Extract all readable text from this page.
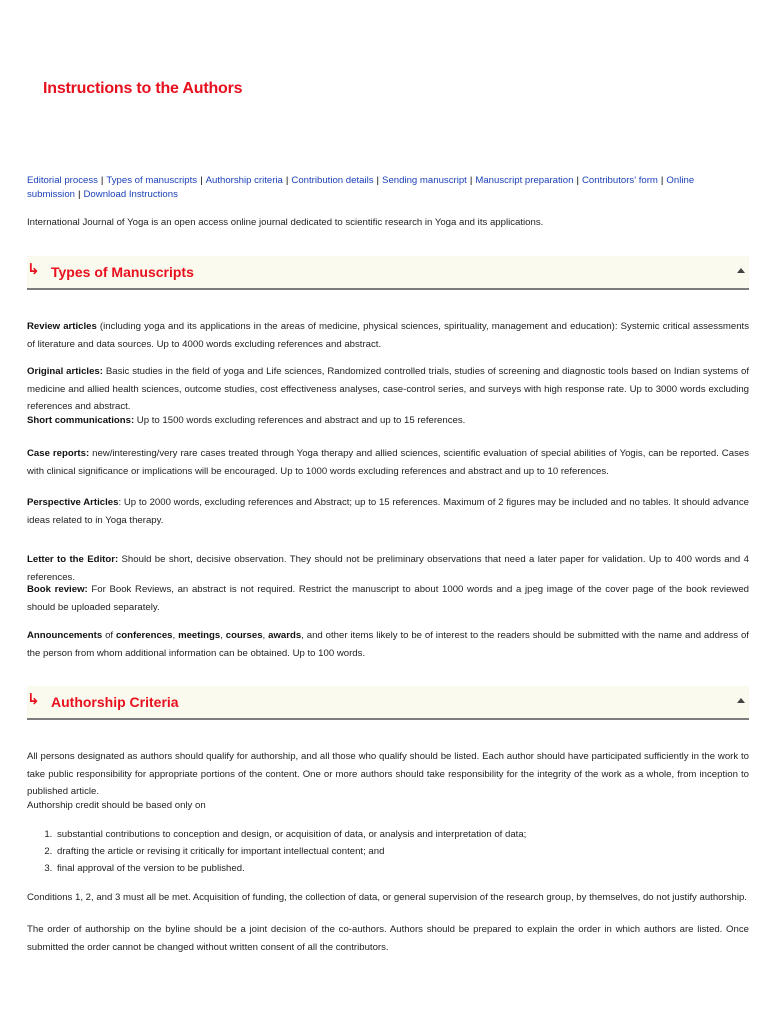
Instructions to the Authors
Editorial process | Types of manuscripts | Authorship criteria | Contribution details | Sending manuscript | Manuscript preparation | Contributors' form | Online submission | Download Instructions
International Journal of Yoga is an open access online journal dedicated to scientific research in Yoga and its applications.
↳ Types of Manuscripts
Review articles (including yoga and its applications in the areas of medicine, physical sciences, spirituality, management and education): Systemic critical assessments of literature and data sources. Up to 4000 words excluding references and abstract.
Original articles: Basic studies in the field of yoga and Life sciences, Randomized controlled trials, studies of screening and diagnostic tools based on Indian systems of medicine and allied health sciences, outcome studies, cost effectiveness analyses, case-control series, and surveys with high response rate. Up to 3000 words excluding references and abstract.
Short communications: Up to 1500 words excluding references and abstract and up to 15 references.
Case reports: new/interesting/very rare cases treated through Yoga therapy and allied sciences, scientific evaluation of special abilities of Yogis, can be reported. Cases with clinical significance or implications will be encouraged. Up to 1000 words excluding references and abstract and up to 10 references.
Perspective Articles: Up to 2000 words, excluding references and Abstract; up to 15 references. Maximum of 2 figures may be included and no tables. It should advance ideas related to in Yoga therapy.
Letter to the Editor: Should be short, decisive observation. They should not be preliminary observations that need a later paper for validation. Up to 400 words and 4 references.
Book review: For Book Reviews, an abstract is not required. Restrict the manuscript to about 1000 words and a jpeg image of the cover page of the book reviewed should be uploaded separately.
Announcements of conferences, meetings, courses, awards, and other items likely to be of interest to the readers should be submitted with the name and address of the person from whom additional information can be obtained. Up to 100 words.
↳ Authorship Criteria
All persons designated as authors should qualify for authorship, and all those who qualify should be listed. Each author should have participated sufficiently in the work to take public responsibility for appropriate portions of the content. One or more authors should take responsibility for the integrity of the work as a whole, from inception to published article.
Authorship credit should be based only on
1. substantial contributions to conception and design, or acquisition of data, or analysis and interpretation of data;
2. drafting the article or revising it critically for important intellectual content; and
3. final approval of the version to be published.
Conditions 1, 2, and 3 must all be met. Acquisition of funding, the collection of data, or general supervision of the research group, by themselves, do not justify authorship.
The order of authorship on the byline should be a joint decision of the co-authors. Authors should be prepared to explain the order in which authors are listed. Once submitted the order cannot be changed without written consent of all the contributors.
